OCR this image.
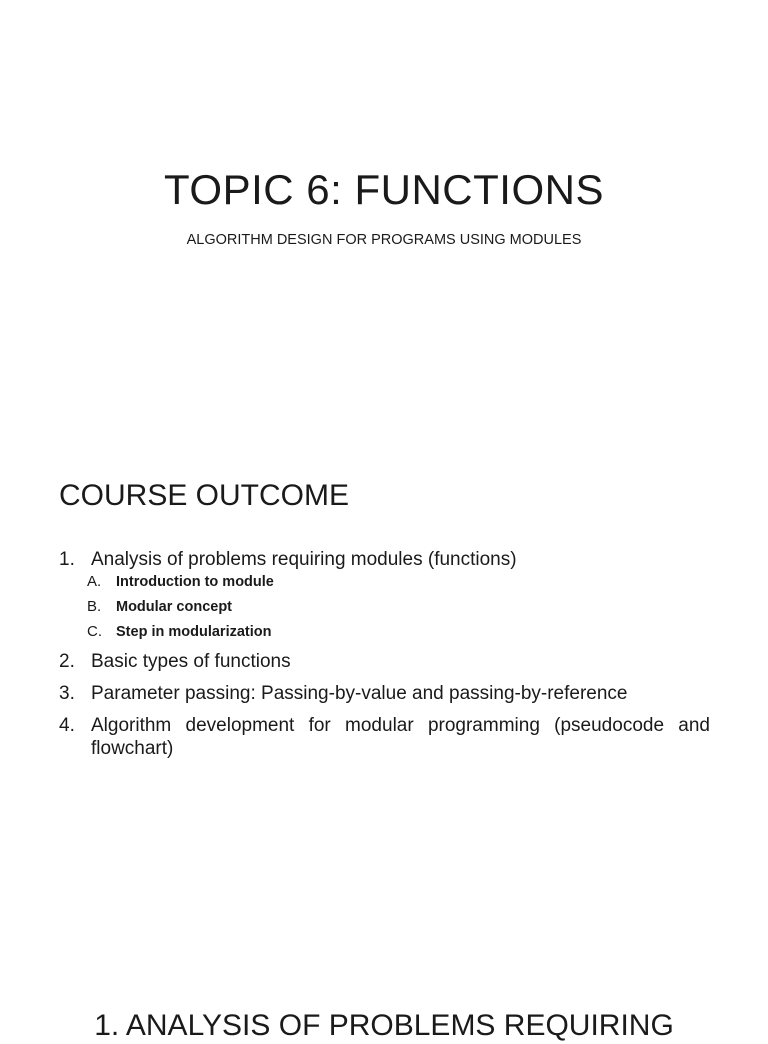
TOPIC 6: FUNCTIONS
ALGORITHM DESIGN FOR PROGRAMS USING MODULES
COURSE OUTCOME
1. Analysis of problems requiring modules (functions)
A. Introduction to module
B. Modular concept
C. Step in modularization
2. Basic types of functions
3. Parameter passing: Passing-by-value and passing-by-reference
4. Algorithm development for modular programming (pseudocode and flowchart)
1. ANALYSIS OF PROBLEMS REQUIRING
